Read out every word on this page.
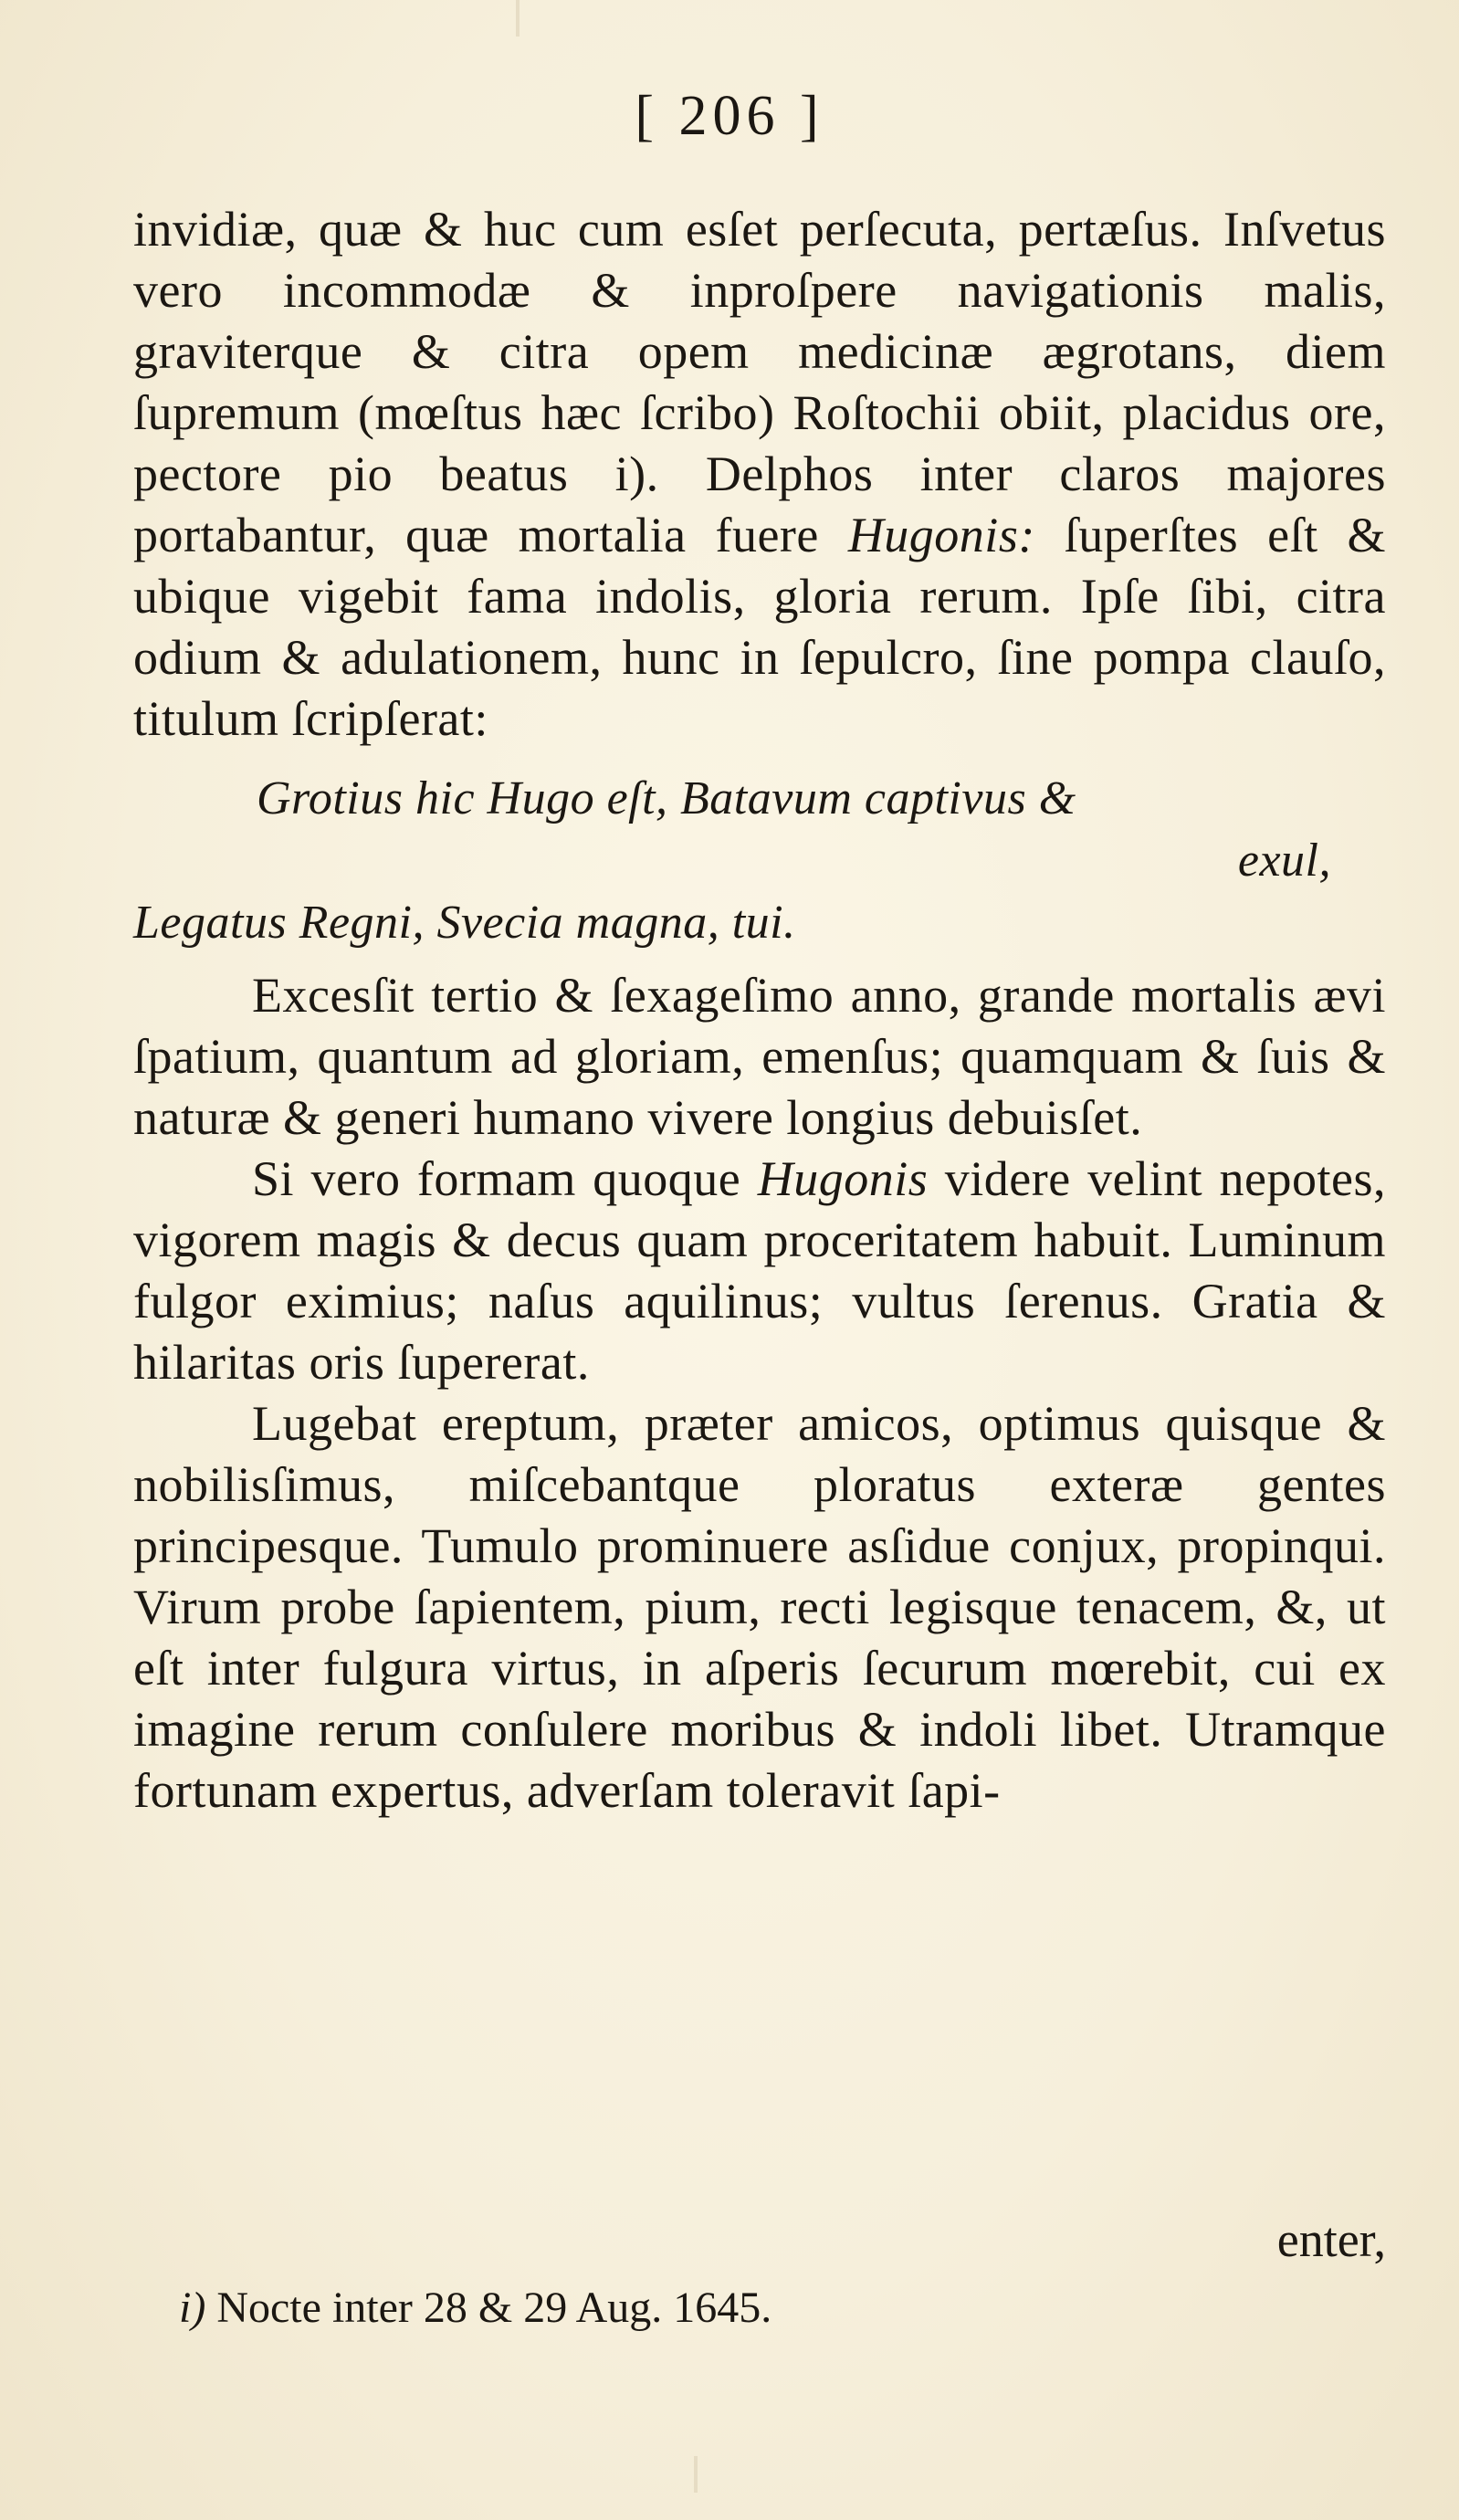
[ 206 ]

invidiæ, quæ & huc cum esſet perſecuta, pertæſus. Inſvetus vero incommodæ & inproſpere navigationis malis, graviterque & citra opem medicinæ ægrotans, diem ſupremum (mœſtus hæc ſcribo) Roſtochii obiit, placidus ore, pectore pio beatus i). Delphos inter claros majores portabantur, quæ mortalia fuere Hugonis: ſuperſtes eſt & ubique vigebit fama indolis, gloria rerum. Ipſe ſibi, citra odium & adulationem, hunc in ſepulcro, ſine pompa clauſo, titulum ſcripſerat:

Grotius hic Hugo eſt, Batavum captivus &
exul,
Legatus Regni, Svecia magna, tui.

Excesſit tertio & ſexageſimo anno, grande mortalis ævi ſpatium, quantum ad gloriam, emenſus; quamquam & ſuis & naturæ & generi humano vivere longius debuisſet.

Si vero formam quoque Hugonis videre velint nepotes, vigorem magis & decus quam proceritatem habuit. Luminum fulgor eximius; naſus aquilinus; vultus ſerenus. Gratia & hilaritas oris ſupererat.

Lugebat ereptum, præter amicos, optimus quisque & nobilisſimus, miſcebantque ploratus exteræ gentes principesque. Tumulo prominuere asſidue conjux, propinqui. Virum probe ſapientem, pium, recti legisque tenacem, &, ut eſt inter fulgura virtus, in aſperis ſecurum mœrebit, cui ex imagine rerum conſulere moribus & indoli libet. Utramque fortunam expertus, adverſam toleravit ſapi-

enter,
i) Nocte inter 28 & 29 Aug. 1645.
